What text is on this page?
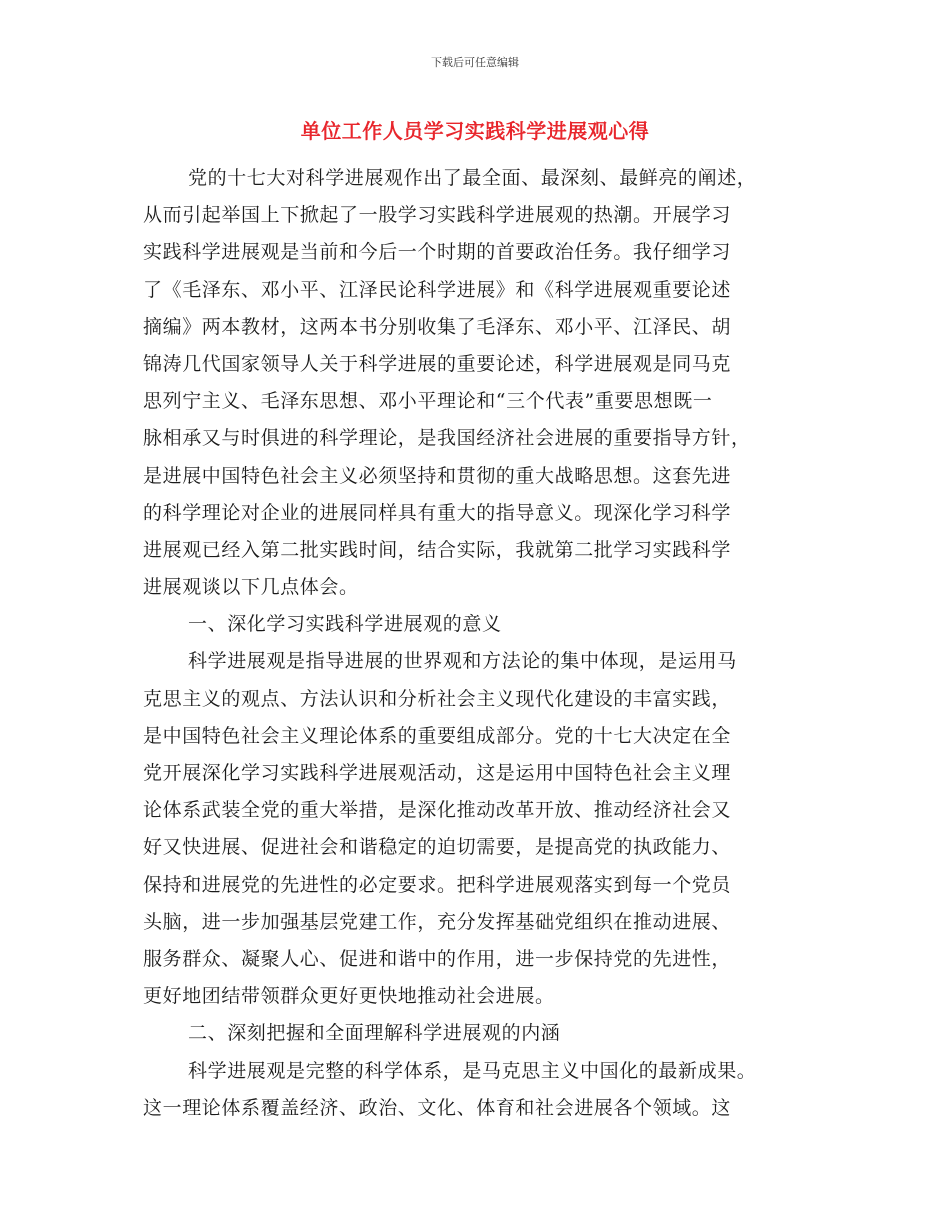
下载后可任意编辑
单位工作人员学习实践科学进展观心得
党的十七大对科学进展观作出了最全面、最深刻、最鲜亮的阐述，
从而引起举国上下掀起了一股学习实践科学进展观的热潮。开展学习
实践科学进展观是当前和今后一个时期的首要政治任务。我仔细学习
了《毛泽东、邓小平、江泽民论科学进展》和《科学进展观重要论述
摘编》两本教材，这两本书分别收集了毛泽东、邓小平、江泽民、胡
锦涛几代国家领导人关于科学进展的重要论述，科学进展观是同马克
思列宁主义、毛泽东思想、邓小平理论和“三个代表”重要思想既一
脉相承又与时俱进的科学理论，是我国经济社会进展的重要指导方针，
是进展中国特色社会主义必须坚持和贯彻的重大战略思想。这套先进
的科学理论对企业的进展同样具有重大的指导意义。现深化学习科学
进展观已经入第二批实践时间，结合实际，我就第二批学习实践科学
进展观谈以下几点体会。
一、深化学习实践科学进展观的意义
科学进展观是指导进展的世界观和方法论的集中体现，是运用马
克思主义的观点、方法认识和分析社会主义现代化建设的丰富实践，
是中国特色社会主义理论体系的重要组成部分。党的十七大决定在全
党开展深化学习实践科学进展观活动，这是运用中国特色社会主义理
论体系武装全党的重大举措，是深化推动改革开放、推动经济社会又
好又快进展、促进社会和谐稳定的迫切需要，是提高党的执政能力、
保持和进展党的先进性的必定要求。把科学进展观落实到每一个党员
头脑，进一步加强基层党建工作，充分发挥基础党组织在推动进展、
服务群众、凝聚人心、促进和谐中的作用，进一步保持党的先进性，
更好地团结带领群众更好更快地推动社会进展。
二、深刻把握和全面理解科学进展观的内涵
科学进展观是完整的科学体系，是马克思主义中国化的最新成果。
这一理论体系覆盖经济、政治、文化、体育和社会进展各个领域。这
